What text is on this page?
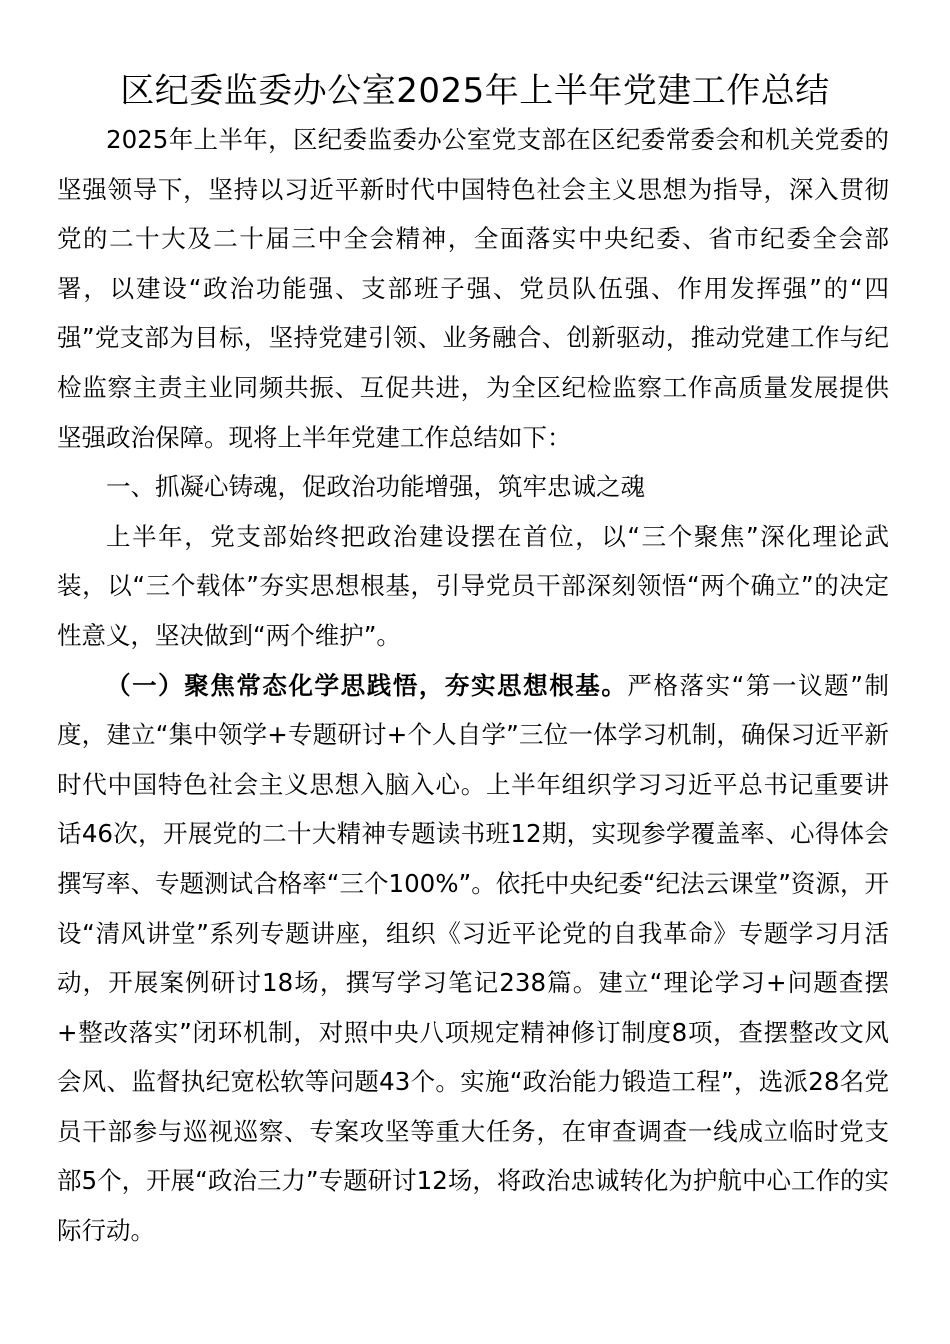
区纪委监委办公室2025年上半年党建工作总结

2025年上半年，区纪委监委办公室党支部在区纪委常委会和机关党委的坚强领导下，坚持以习近平新时代中国特色社会主义思想为指导，深入贯彻党的二十大及二十届三中全会精神，全面落实中央纪委、省市纪委全会部署，以建设“政治功能强、支部班子强、党员队伍强、作用发挥强”的“四强”党支部为目标，坚持党建引领、业务融合、创新驱动，推动党建工作与纪检监察主责主业同频共振、互促共进，为全区纪检监察工作高质量发展提供坚强政治保障。现将上半年党建工作总结如下：

一、抓凝心铸魂，促政治功能增强，筑牢忠诚之魂

上半年，党支部始终把政治建设摆在首位，以“三个聚焦”深化理论武装，以“三个载体”夯实思想根基，引导党员干部深刻领悟“两个确立”的决定性意义，坚决做到“两个维护”。

（一）聚焦常态化学思践悟，夯实思想根基。严格落实“第一议题”制度，建立“集中领学+专题研讨+个人自学”三位一体学习机制，确保习近平新时代中国特色社会主义思想入脑入心。上半年组织学习习近平总书记重要讲话46次，开展党的二十大精神专题读书班12期，实现参学覆盖率、心得体会撰写率、专题测试合格率“三个100%”。依托中央纪委“纪法云课堂”资源，开设“清风讲堂”系列专题讲座，组织《习近平论党的自我革命》专题学习月活动，开展案例研讨18场，撰写学习笔记238篇。建立“理论学习+问题查摆+整改落实”闭环机制，对照中央八项规定精神修订制度8项，查摆整改文风会风、监督执纪宽松软等问题43个。实施“政治能力锻造工程”，选派28名党员干部参与巡视巡察、专案攻坚等重大任务，在审查调查一线成立临时党支部5个，开展“政治三力”专题研讨12场，将政治忠诚转化为护航中心工作的实际行动。
